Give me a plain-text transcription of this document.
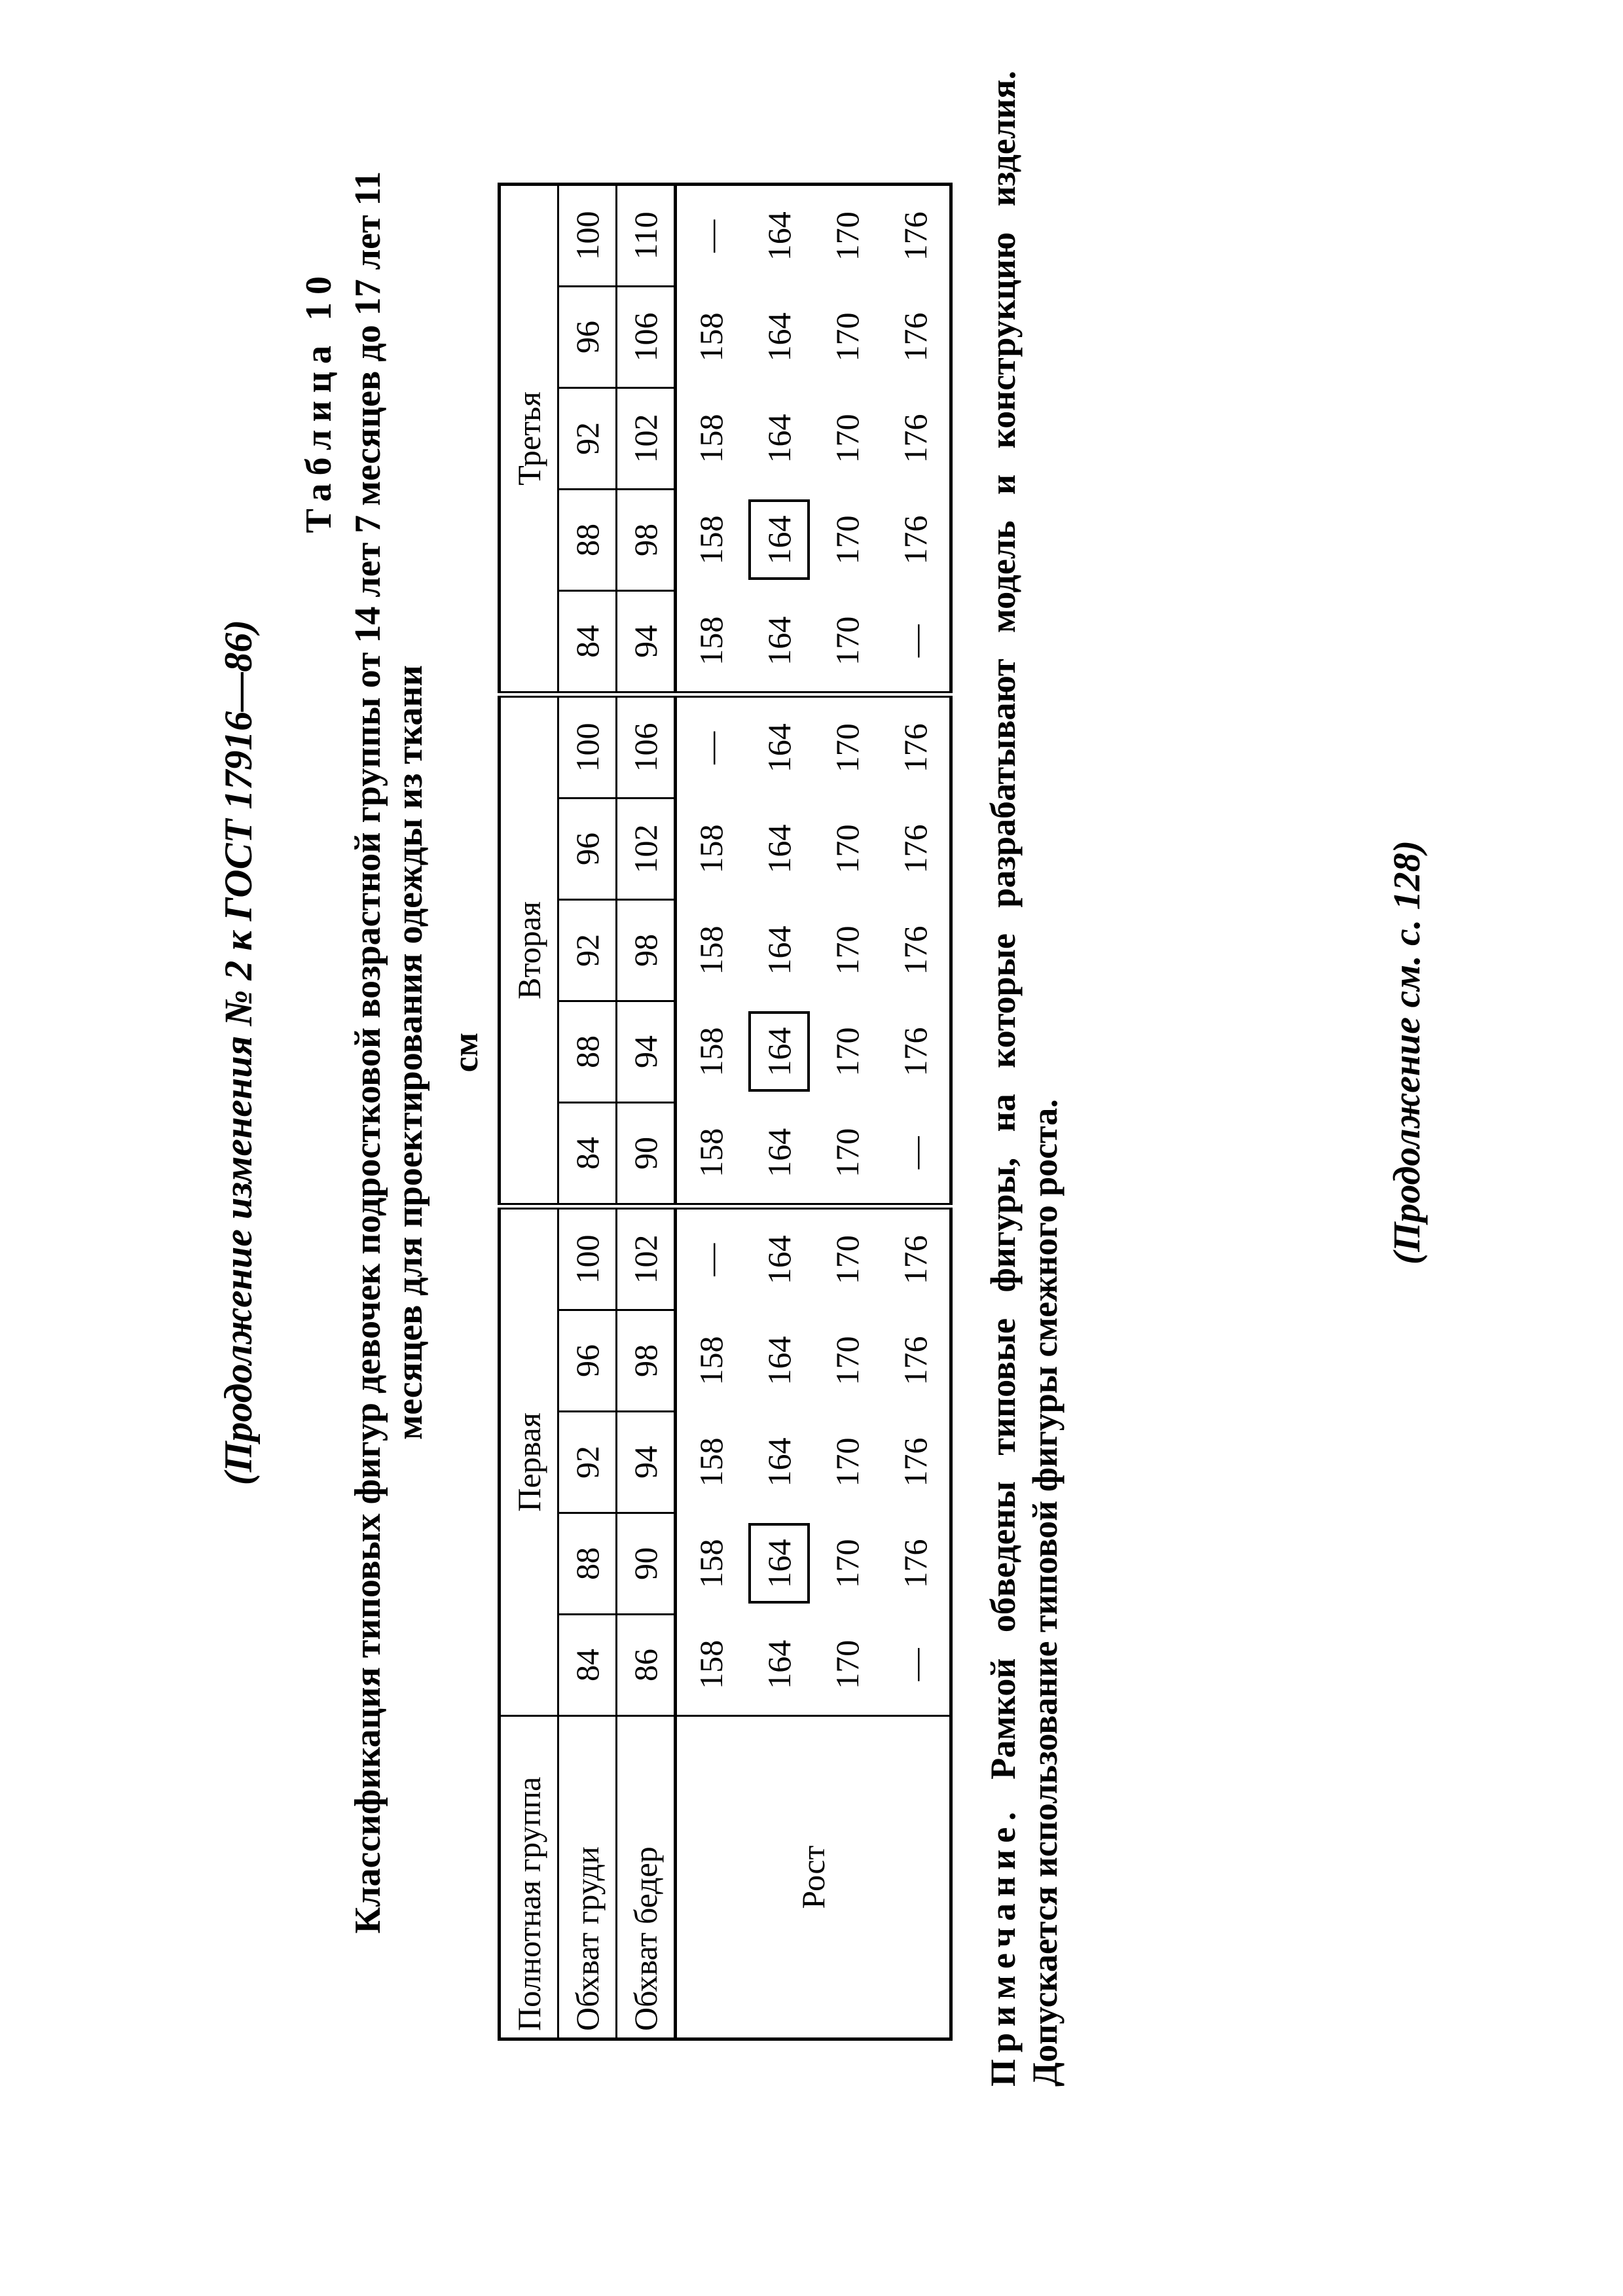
(Продолжение изменения № 2 к ГОСТ 17916—86)
Таблица 10 Классификация типовых фигур девочек подростковой возрастной группы от 14 лет 7 месяцев до 17 лет 11 месяцев для проектирования одежды из ткани см
Полнотная группа	Первая					Вторая					Третья				
Обхват груди	84	88	92	96	100	84	88	92	96	100	84	88	92	96	100
Обхват бедер	86	90	94	98	102	90	94	98	102	106	94	98	102	106	110
Рост	158	158	158	158	—	158	158	158	158	—	158	158	158	158	—
	164	164	164	164	164	164	164	164	164	164	164	164	164	164	164
	170	170	170	170	170	170	170	170	170	170	170	170	170	170	170
	—	176	176	176	176	—	176	176	176	176	—	176	176	176	176
Примечание. Рамкой обведены типовые фигуры, на которые разрабатывают модель и конструкцию изделия. Допускается использование типовой фигуры смежного роста.
(Продолжение см. с. 128)
